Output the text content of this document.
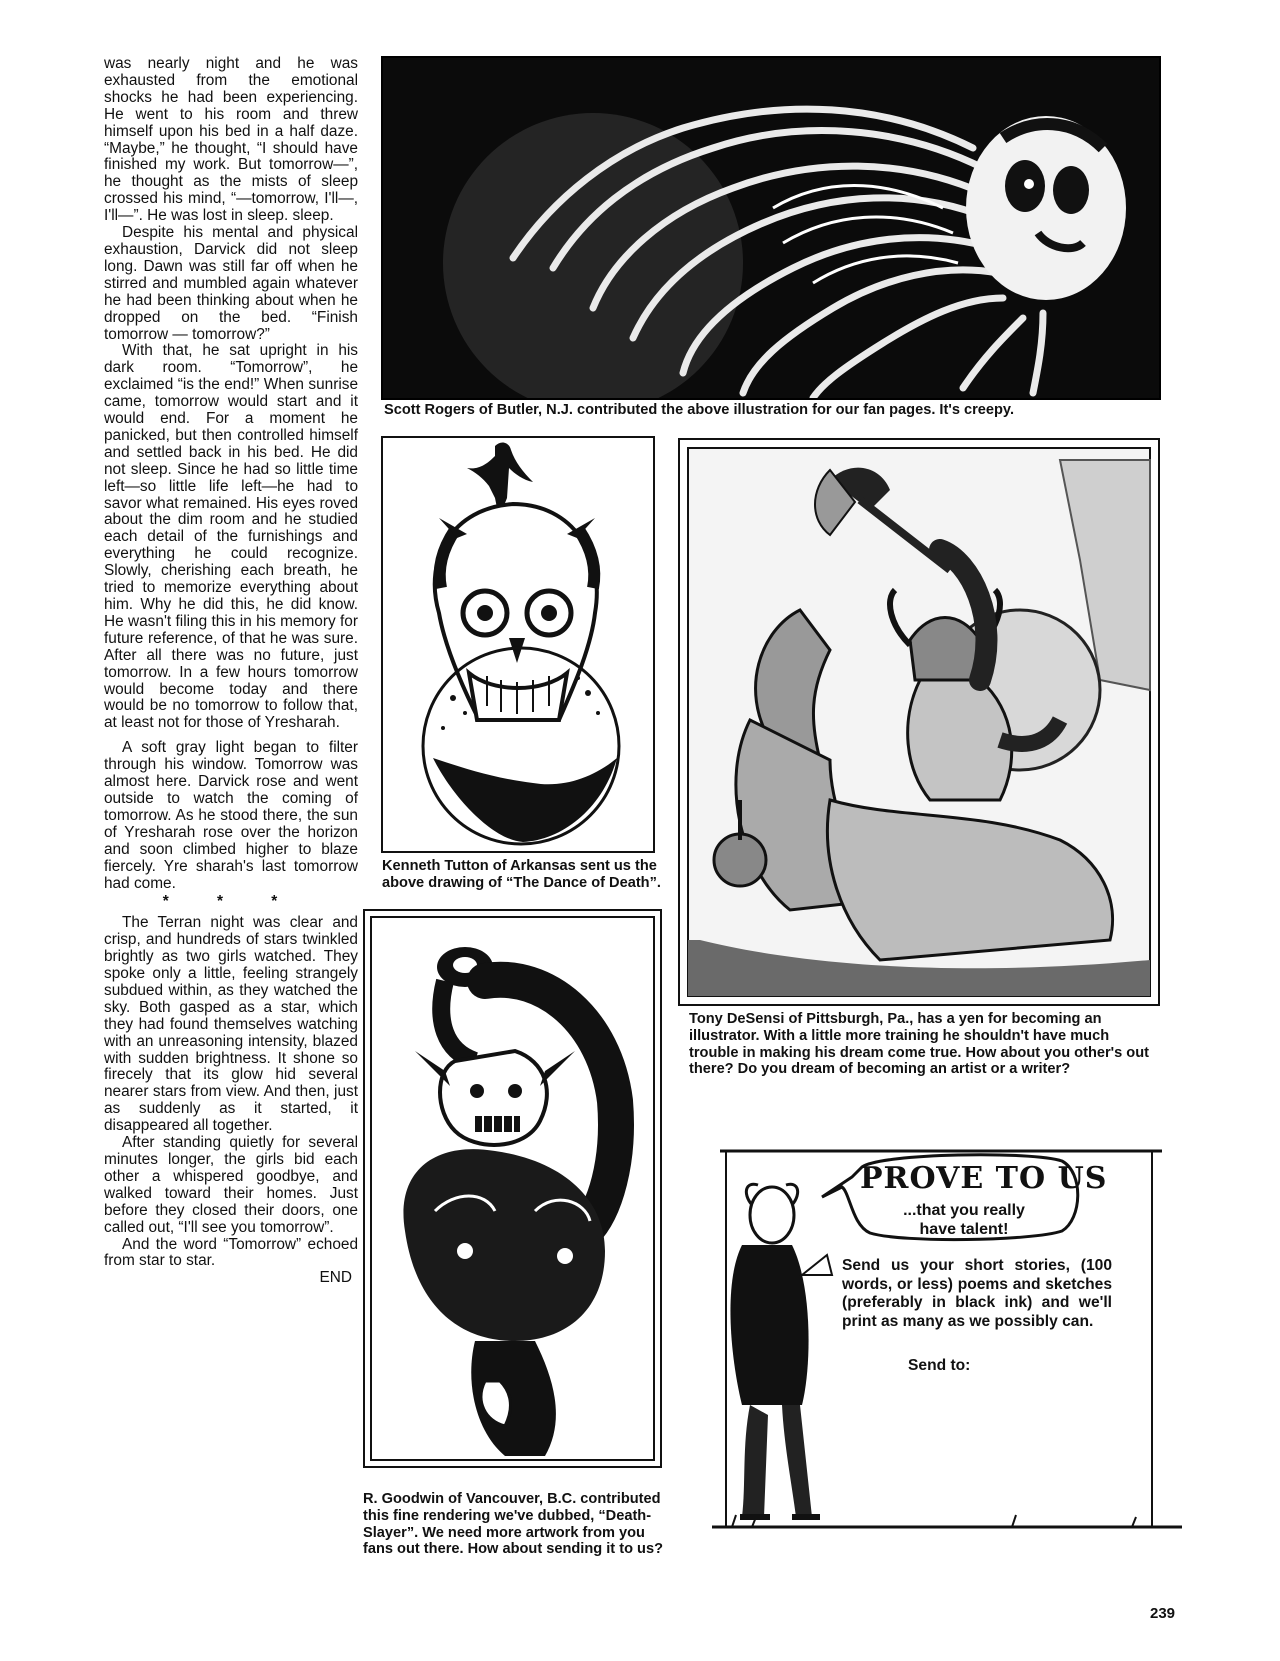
was nearly night and he was exhausted from the emotional shocks he had been experiencing. He went to his room and threw himself upon his bed in a half daze. “Maybe,” he thought, “I should have finished my work. But tomorrow—”, he thought as the mists of sleep crossed his mind, “—tomorrow, I'll—, I'll—”. He was lost in sleep. sleep.

Despite his mental and physical exhaustion, Darvick did not sleep long. Dawn was still far off when he stirred and mumbled again whatever he had been thinking about when he dropped on the bed. “Finish tomorrow — tomorrow?”

With that, he sat upright in his dark room. “Tomorrow”, he exclaimed “is the end!” When sunrise came, tomorrow would start and it would end. For a moment he panicked, but then controlled himself and settled back in his bed. He did not sleep. Since he had so little time left—so little life left—he had to savor what remained. His eyes roved about the dim room and he studied each detail of the furnishings and everything he could recognize. Slowly, cherishing each breath, he tried to memorize everything about him. Why he did this, he did know. He wasn't filing this in his memory for future reference, of that he was sure. After all there was no future, just tomorrow. In a few hours tomorrow would become today and there would be no tomorrow to follow that, at least not for those of Yresharah.

A soft gray light began to filter through his window. Tomorrow was almost here. Darvick rose and went outside to watch the coming of tomorrow. As he stood there, the sun of Yresharah rose over the horizon and soon climbed higher to blaze fiercely. Yre sharah's last tomorrow had come.

* * *

The Terran night was clear and crisp, and hundreds of stars twinkled brightly as two girls watched. They spoke only a little, feeling strangely subdued within, as they watched the sky. Both gasped as a star, which they had found themselves watching with an unreasoning intensity, blazed with sudden brightness. It shone so firecely that its glow hid several nearer stars from view. And then, just as suddenly as it started, it disappeared all together.

After standing quietly for several minutes longer, the girls bid each other a whispered goodbye, and walked toward their homes. Just before they closed their doors, one called out, “I'll see you tomorrow”.

And the word “Tomorrow” echoed from star to star.

END
Scott Rogers of Butler, N.J. contributed the above illustration for our fan pages. It's creepy.
Kenneth Tutton of Arkansas sent us the above drawing of “The Dance of Death”.
Tony DeSensi of Pittsburgh, Pa., has a yen for becoming an illustrator. With a little more training he shouldn't have much trouble in making his dream come true. How about you other's out there? Do you dream of becoming an artist or a writer?
R. Goodwin of Vancouver, B.C. contributed this fine rendering we've dubbed, “Death-Slayer”. We need more artwork from you fans out there. How about sending it to us?
PROVE TO US
...that you really have talent!
Send us your short stories, (100 words, or less) poems and sketches (preferably in black ink) and we'll print as many as we possibly can.
Send to:
239
